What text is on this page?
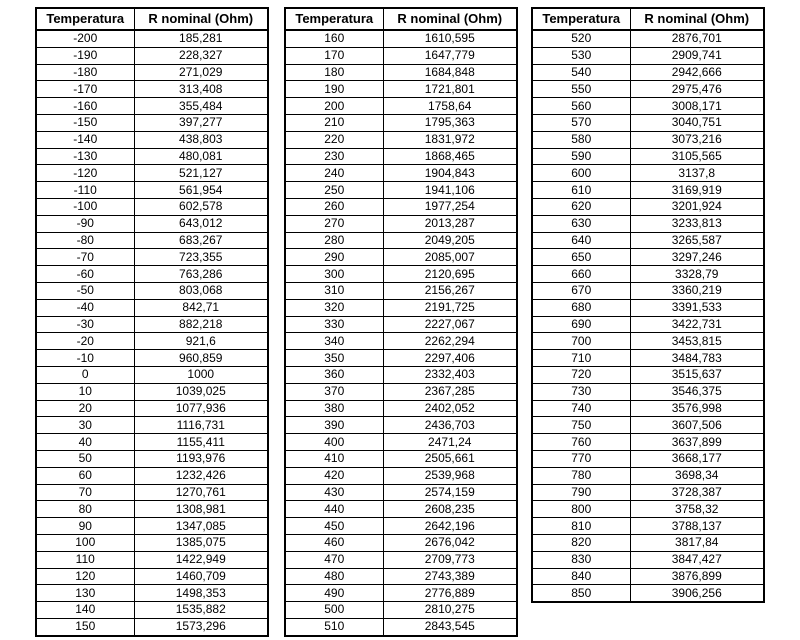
Temperatura	R nominal (Ohm)
-200	185,281
-190	228,327
-180	271,029
-170	313,408
-160	355,484
-150	397,277
-140	438,803
-130	480,081
-120	521,127
-110	561,954
-100	602,578
-90	643,012
-80	683,267
-70	723,355
-60	763,286
-50	803,068
-40	842,71
-30	882,218
-20	921,6
-10	960,859
0	1000
10	1039,025
20	1077,936
30	1116,731
40	1155,411
50	1193,976
60	1232,426
70	1270,761
80	1308,981
90	1347,085
100	1385,075
110	1422,949
120	1460,709
130	1498,353
140	1535,882
150	1573,296
Temperatura	R nominal (Ohm)
160	1610,595
170	1647,779
180	1684,848
190	1721,801
200	1758,64
210	1795,363
220	1831,972
230	1868,465
240	1904,843
250	1941,106
260	1977,254
270	2013,287
280	2049,205
290	2085,007
300	2120,695
310	2156,267
320	2191,725
330	2227,067
340	2262,294
350	2297,406
360	2332,403
370	2367,285
380	2402,052
390	2436,703
400	2471,24
410	2505,661
420	2539,968
430	2574,159
440	2608,235
450	2642,196
460	2676,042
470	2709,773
480	2743,389
490	2776,889
500	2810,275
510	2843,545
Temperatura	R nominal (Ohm)
520	2876,701
530	2909,741
540	2942,666
550	2975,476
560	3008,171
570	3040,751
580	3073,216
590	3105,565
600	3137,8
610	3169,919
620	3201,924
630	3233,813
640	3265,587
650	3297,246
660	3328,79
670	3360,219
680	3391,533
690	3422,731
700	3453,815
710	3484,783
720	3515,637
730	3546,375
740	3576,998
750	3607,506
760	3637,899
770	3668,177
780	3698,34
790	3728,387
800	3758,32
810	3788,137
820	3817,84
830	3847,427
840	3876,899
850	3906,256
